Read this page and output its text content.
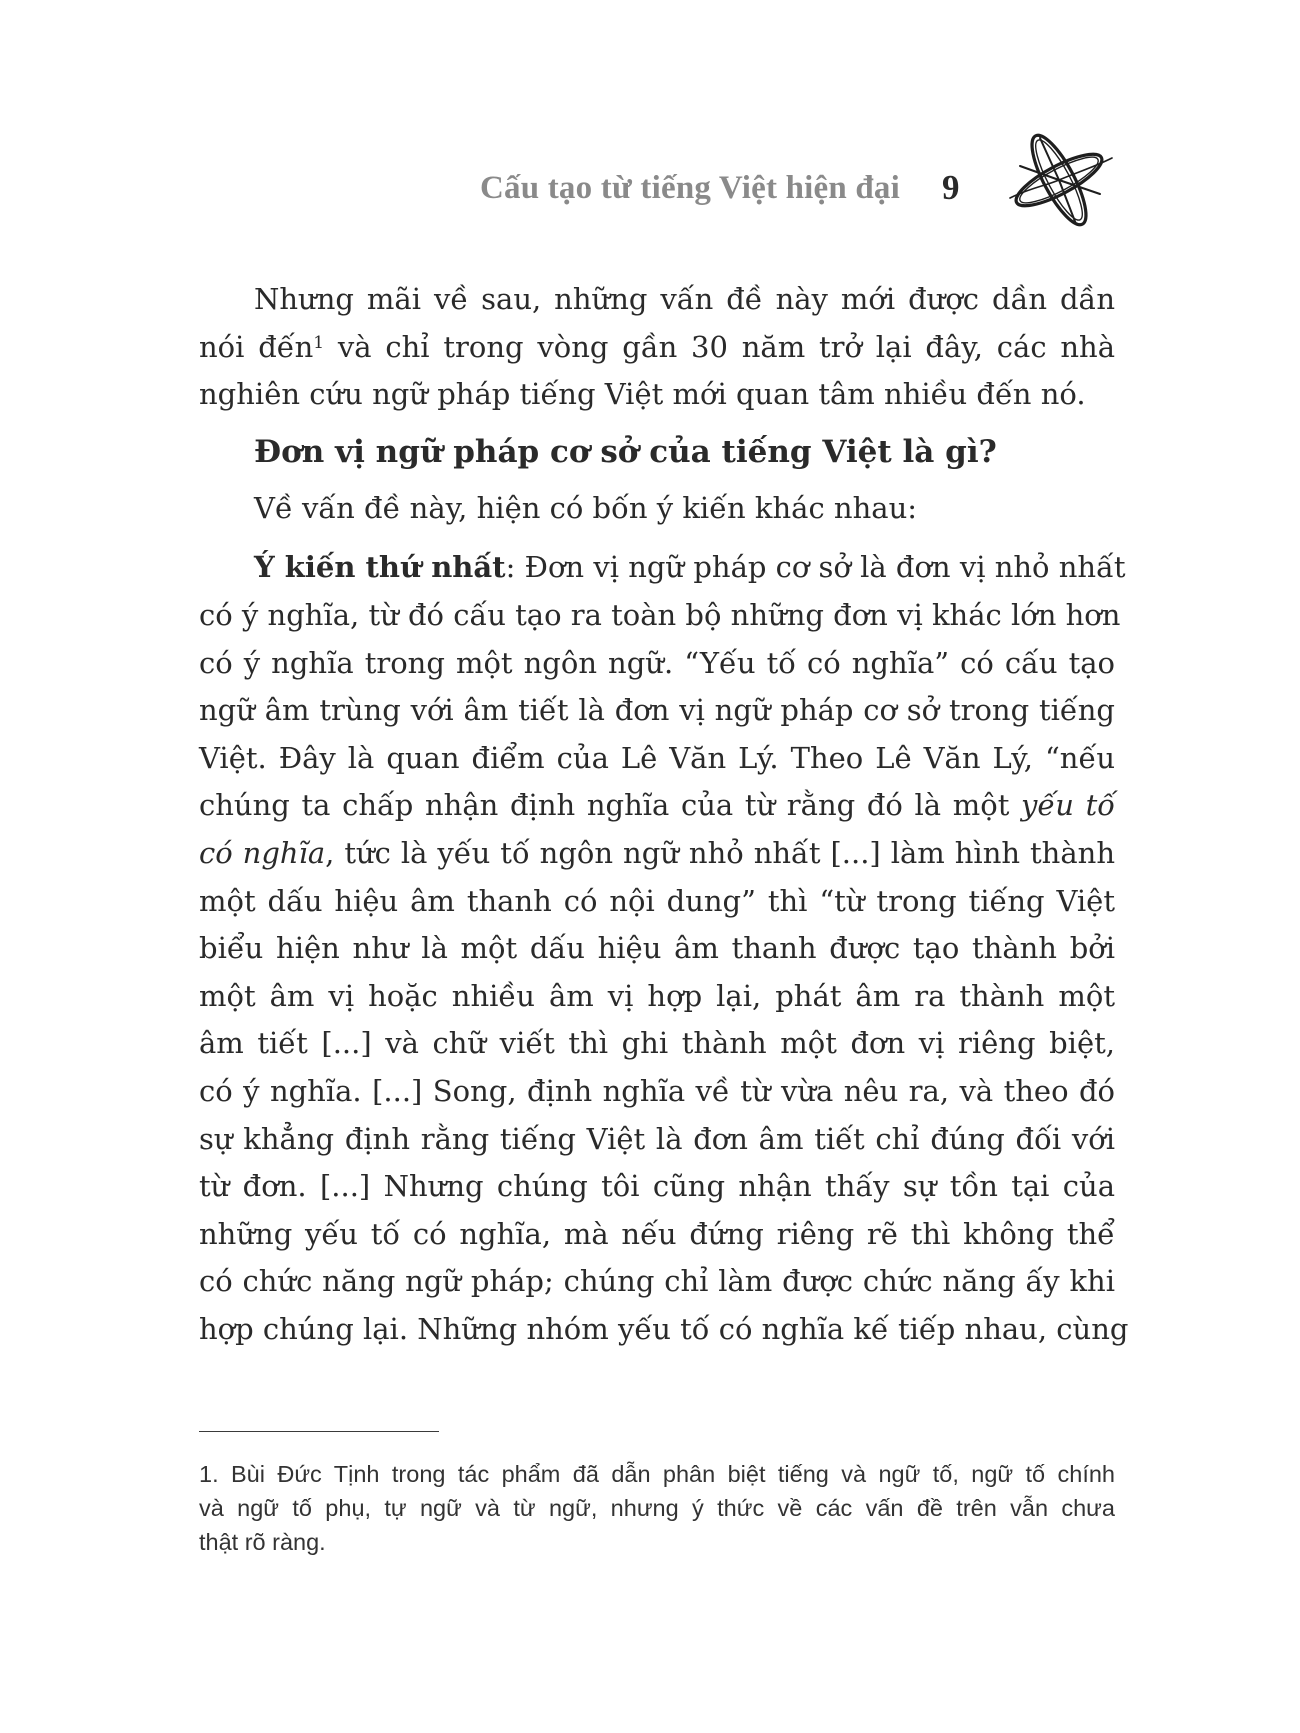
Cấu tạo từ tiếng Việt hiện đại 9
Nhưng mãi về sau, những vấn đề này mới được dần dần
nói đến$^1$ và chỉ trong vòng gần 30 năm trở lại đây, các nhà
nghiên cứu ngữ pháp tiếng Việt mới quan tâm nhiều đến nó.
Đơn vị ngữ pháp cơ sở của tiếng Việt là gì?
Về vấn đề này, hiện có bốn ý kiến khác nhau:
Ý kiến thứ nhất: Đơn vị ngữ pháp cơ sở là đơn vị nhỏ nhất
có ý nghĩa, từ đó cấu tạo ra toàn bộ những đơn vị khác lớn hơn
có ý nghĩa trong một ngôn ngữ. “Yếu tố có nghĩa” có cấu tạo
ngữ âm trùng với âm tiết là đơn vị ngữ pháp cơ sở trong tiếng
Việt. Đây là quan điểm của Lê Văn Lý. Theo Lê Văn Lý, “nếu
chúng ta chấp nhận định nghĩa của từ rằng đó là một yếu tố
có nghĩa, tức là yếu tố ngôn ngữ nhỏ nhất [...] làm hình thành
một dấu hiệu âm thanh có nội dung” thì “từ trong tiếng Việt
biểu hiện như là một dấu hiệu âm thanh được tạo thành bởi
một âm vị hoặc nhiều âm vị hợp lại, phát âm ra thành một
âm tiết [...] và chữ viết thì ghi thành một đơn vị riêng biệt,
có ý nghĩa. [...] Song, định nghĩa về từ vừa nêu ra, và theo đó
sự khẳng định rằng tiếng Việt là đơn âm tiết chỉ đúng đối với
từ đơn. [...] Nhưng chúng tôi cũng nhận thấy sự tồn tại của
những yếu tố có nghĩa, mà nếu đứng riêng rẽ thì không thể
có chức năng ngữ pháp; chúng chỉ làm được chức năng ấy khi
hợp chúng lại. Những nhóm yếu tố có nghĩa kế tiếp nhau, cùng
1. Bùi Đức Tịnh trong tác phẩm đã dẫn phân biệt tiếng và ngữ tố, ngữ tố chính
và ngữ tố phụ, tự ngữ và từ ngữ, nhưng ý thức về các vấn đề trên vẫn chưa
thật rõ ràng.
